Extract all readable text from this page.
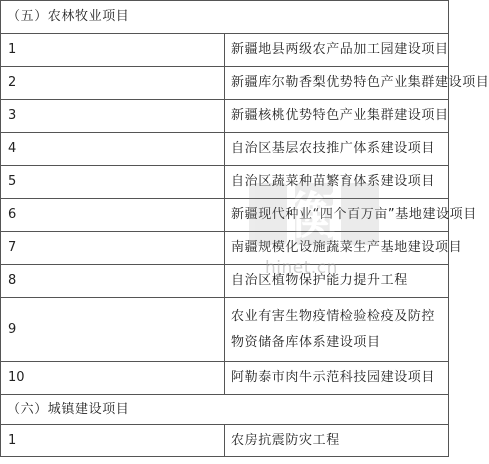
（五）农林牧业项目	
1	新疆地县两级农产品加工园建设项目
2	新疆库尔勒香梨优势特色产业集群建设项目
3	新疆核桃优势特色产业集群建设项目
4	自治区基层农技推广体系建设项目
5	自治区蔬菜种苗繁育体系建设项目
6	新疆现代种业“四个百万亩”基地建设项目
7	南疆规模化设施蔬菜生产基地建设项目
8	自治区植物保护能力提升工程
9	农业有害生物疫情检验检疫及防控物资储备库体系建设项目
10	阿勒泰市肉牛示范科技园建设项目
（六）城镇建设项目	
1	农房抗震防灾工程
衡
hjnet.cn
